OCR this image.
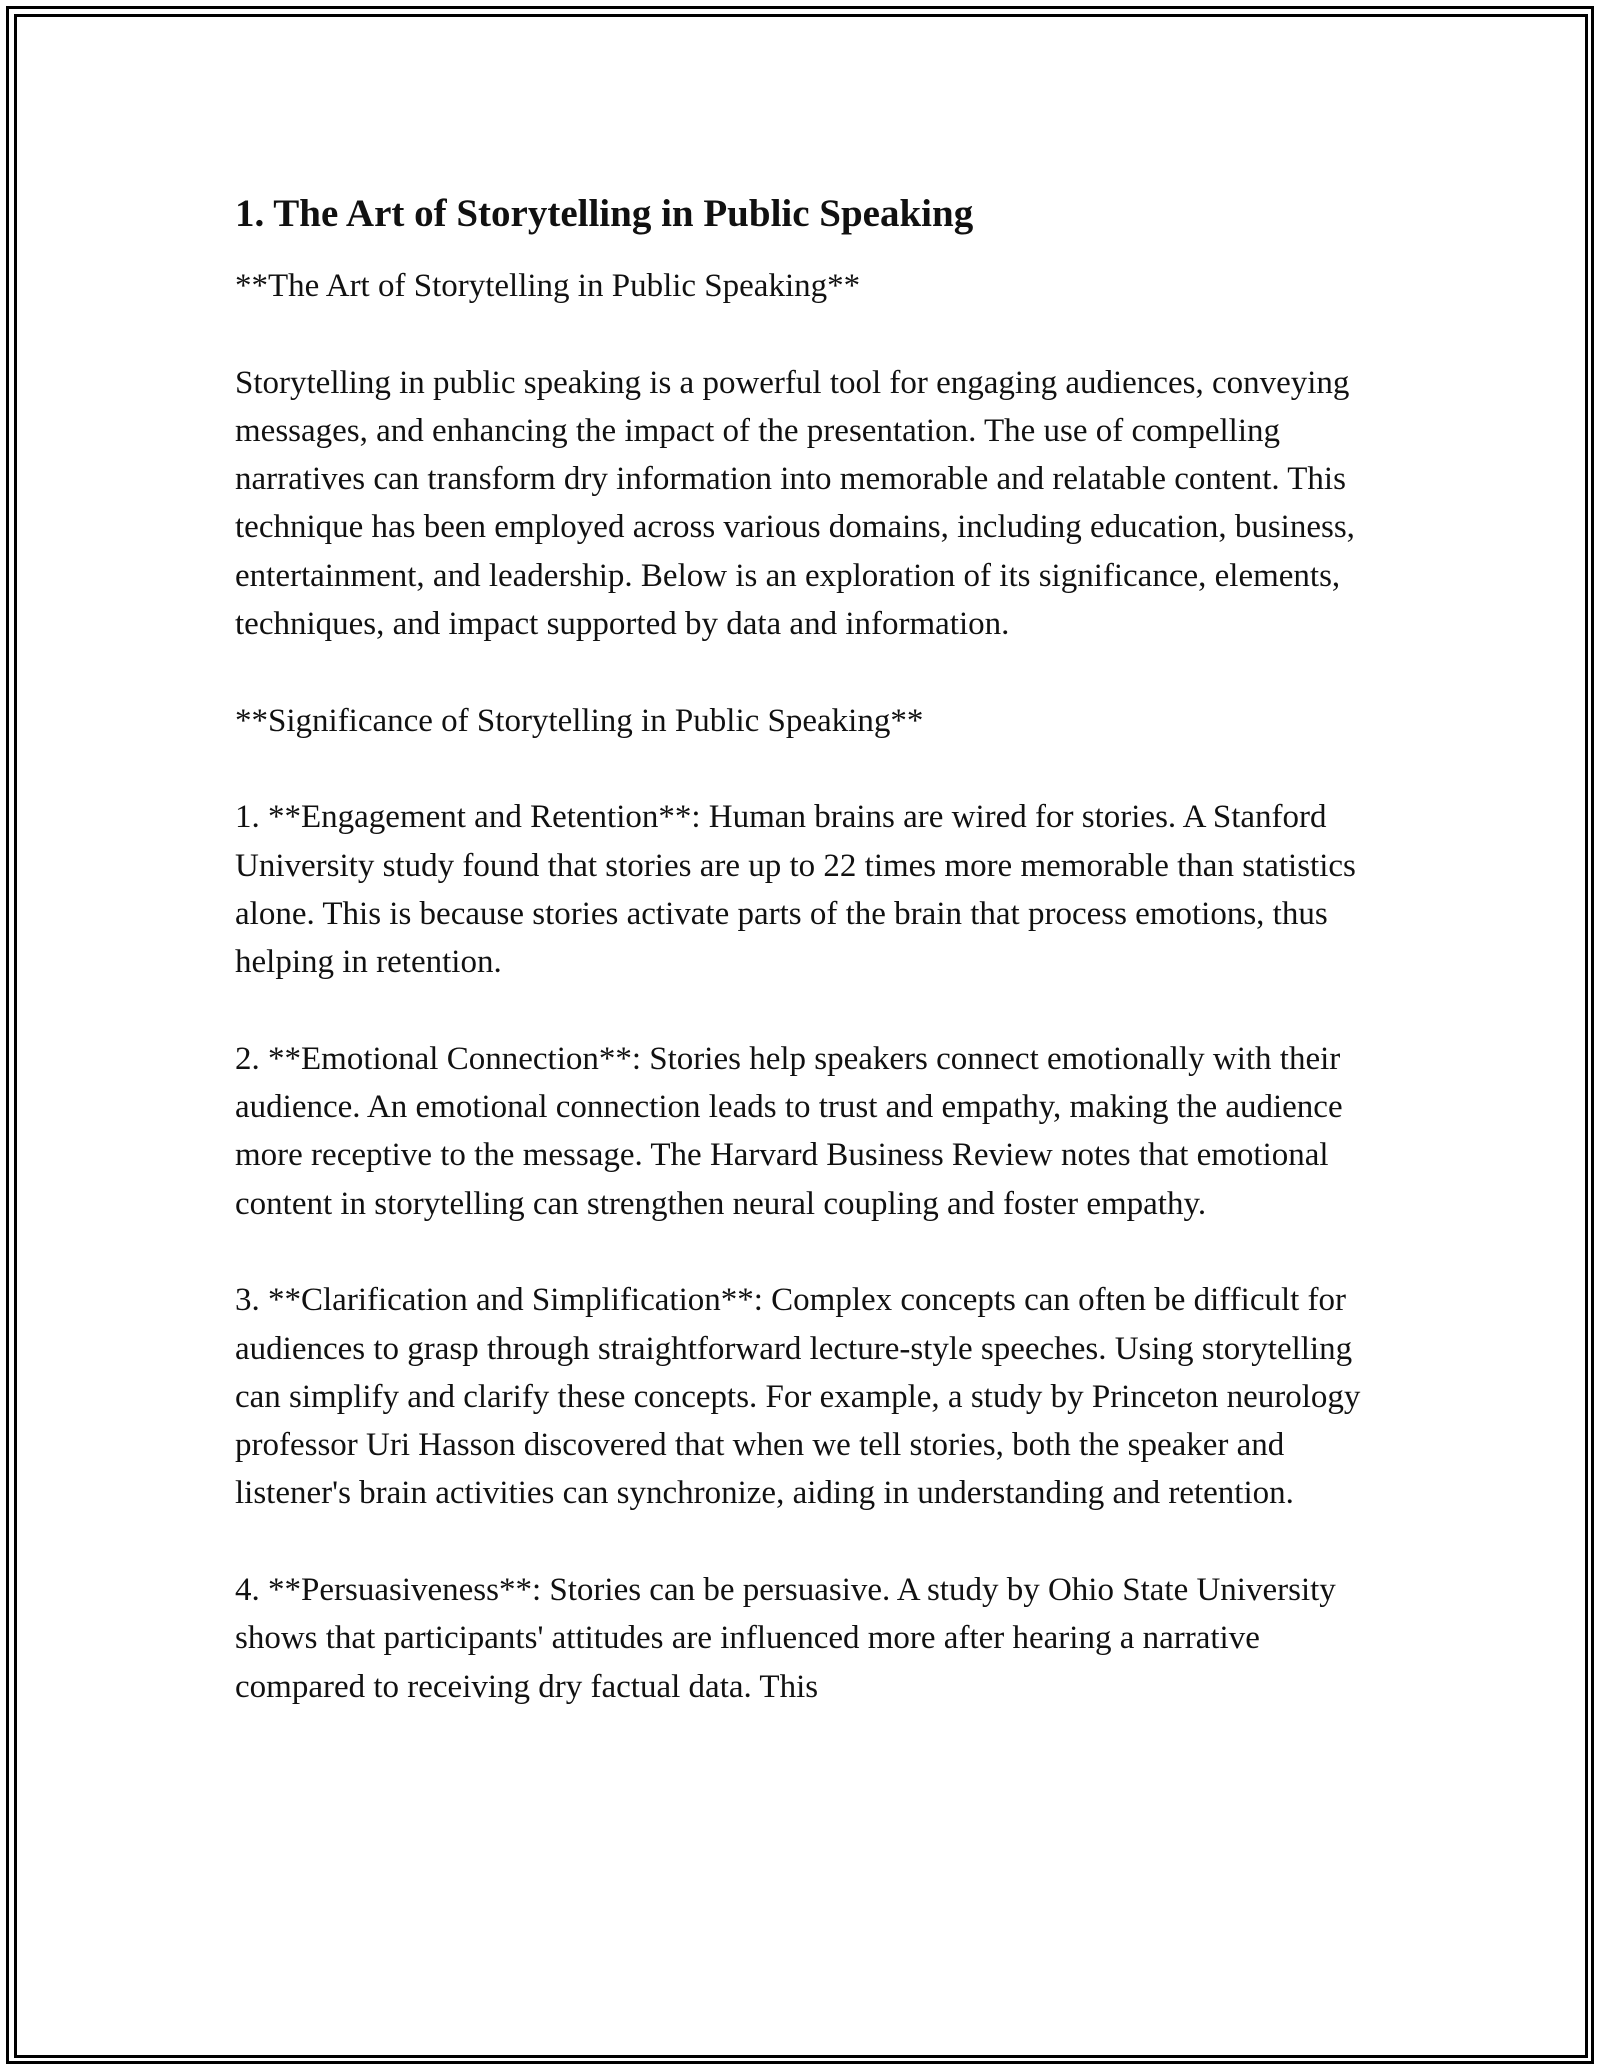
1. The Art of Storytelling in Public Speaking

**The Art of Storytelling in Public Speaking**

Storytelling in public speaking is a powerful tool for engaging audiences, conveying messages, and enhancing the impact of the presentation. The use of compelling narratives can transform dry information into memorable and relatable content. This technique has been employed across various domains, including education, business, entertainment, and leadership. Below is an exploration of its significance, elements, techniques, and impact supported by data and information.

**Significance of Storytelling in Public Speaking**

1. **Engagement and Retention**: Human brains are wired for stories. A Stanford University study found that stories are up to 22 times more memorable than statistics alone. This is because stories activate parts of the brain that process emotions, thus helping in retention.

2. **Emotional Connection**: Stories help speakers connect emotionally with their audience. An emotional connection leads to trust and empathy, making the audience more receptive to the message. The Harvard Business Review notes that emotional content in storytelling can strengthen neural coupling and foster empathy.

3. **Clarification and Simplification**: Complex concepts can often be difficult for audiences to grasp through straightforward lecture-style speeches. Using storytelling can simplify and clarify these concepts. For example, a study by Princeton neurology professor Uri Hasson discovered that when we tell stories, both the speaker and listener's brain activities can synchronize, aiding in understanding and retention.

4. **Persuasiveness**: Stories can be persuasive. A study by Ohio State University shows that participants' attitudes are influenced more after hearing a narrative compared to receiving dry factual data. This
